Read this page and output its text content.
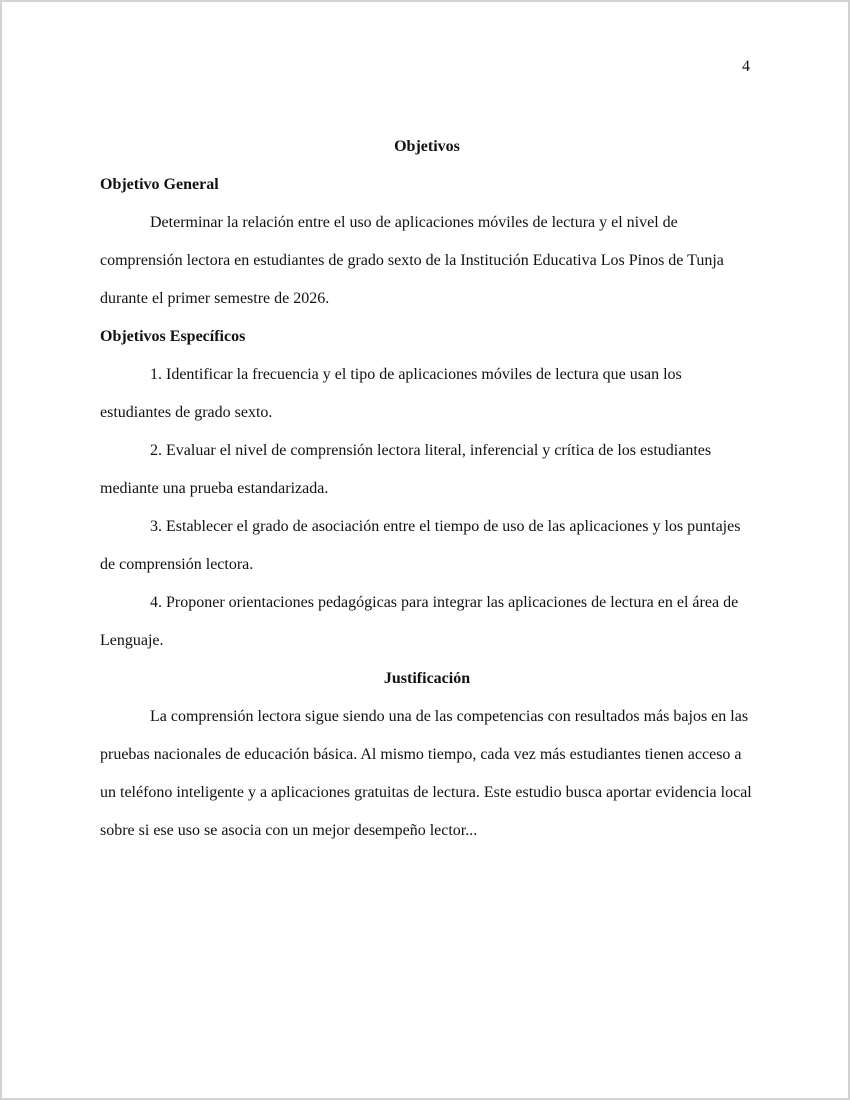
4
Objetivos
Objetivo General

Determinar la relación entre el uso de aplicaciones móviles de lectura y el nivel de comprensión lectora en estudiantes de grado sexto de la Institución Educativa Los Pinos de Tunja durante el primer semestre de 2026.

Objetivos Específicos

1. Identificar la frecuencia y el tipo de aplicaciones móviles de lectura que usan los estudiantes de grado sexto.

2. Evaluar el nivel de comprensión lectora literal, inferencial y crítica de los estudiantes mediante una prueba estandarizada.

3. Establecer el grado de asociación entre el tiempo de uso de las aplicaciones y los puntajes de comprensión lectora.

4. Proponer orientaciones pedagógicas para integrar las aplicaciones de lectura en el área de Lenguaje.

Justificación

La comprensión lectora sigue siendo una de las competencias con resultados más bajos en las pruebas nacionales de educación básica. Al mismo tiempo, cada vez más estudiantes tienen acceso a un teléfono inteligente y a aplicaciones gratuitas de lectura. Este estudio busca aportar evidencia local sobre si ese uso se asocia con un mejor desempeño lector...
